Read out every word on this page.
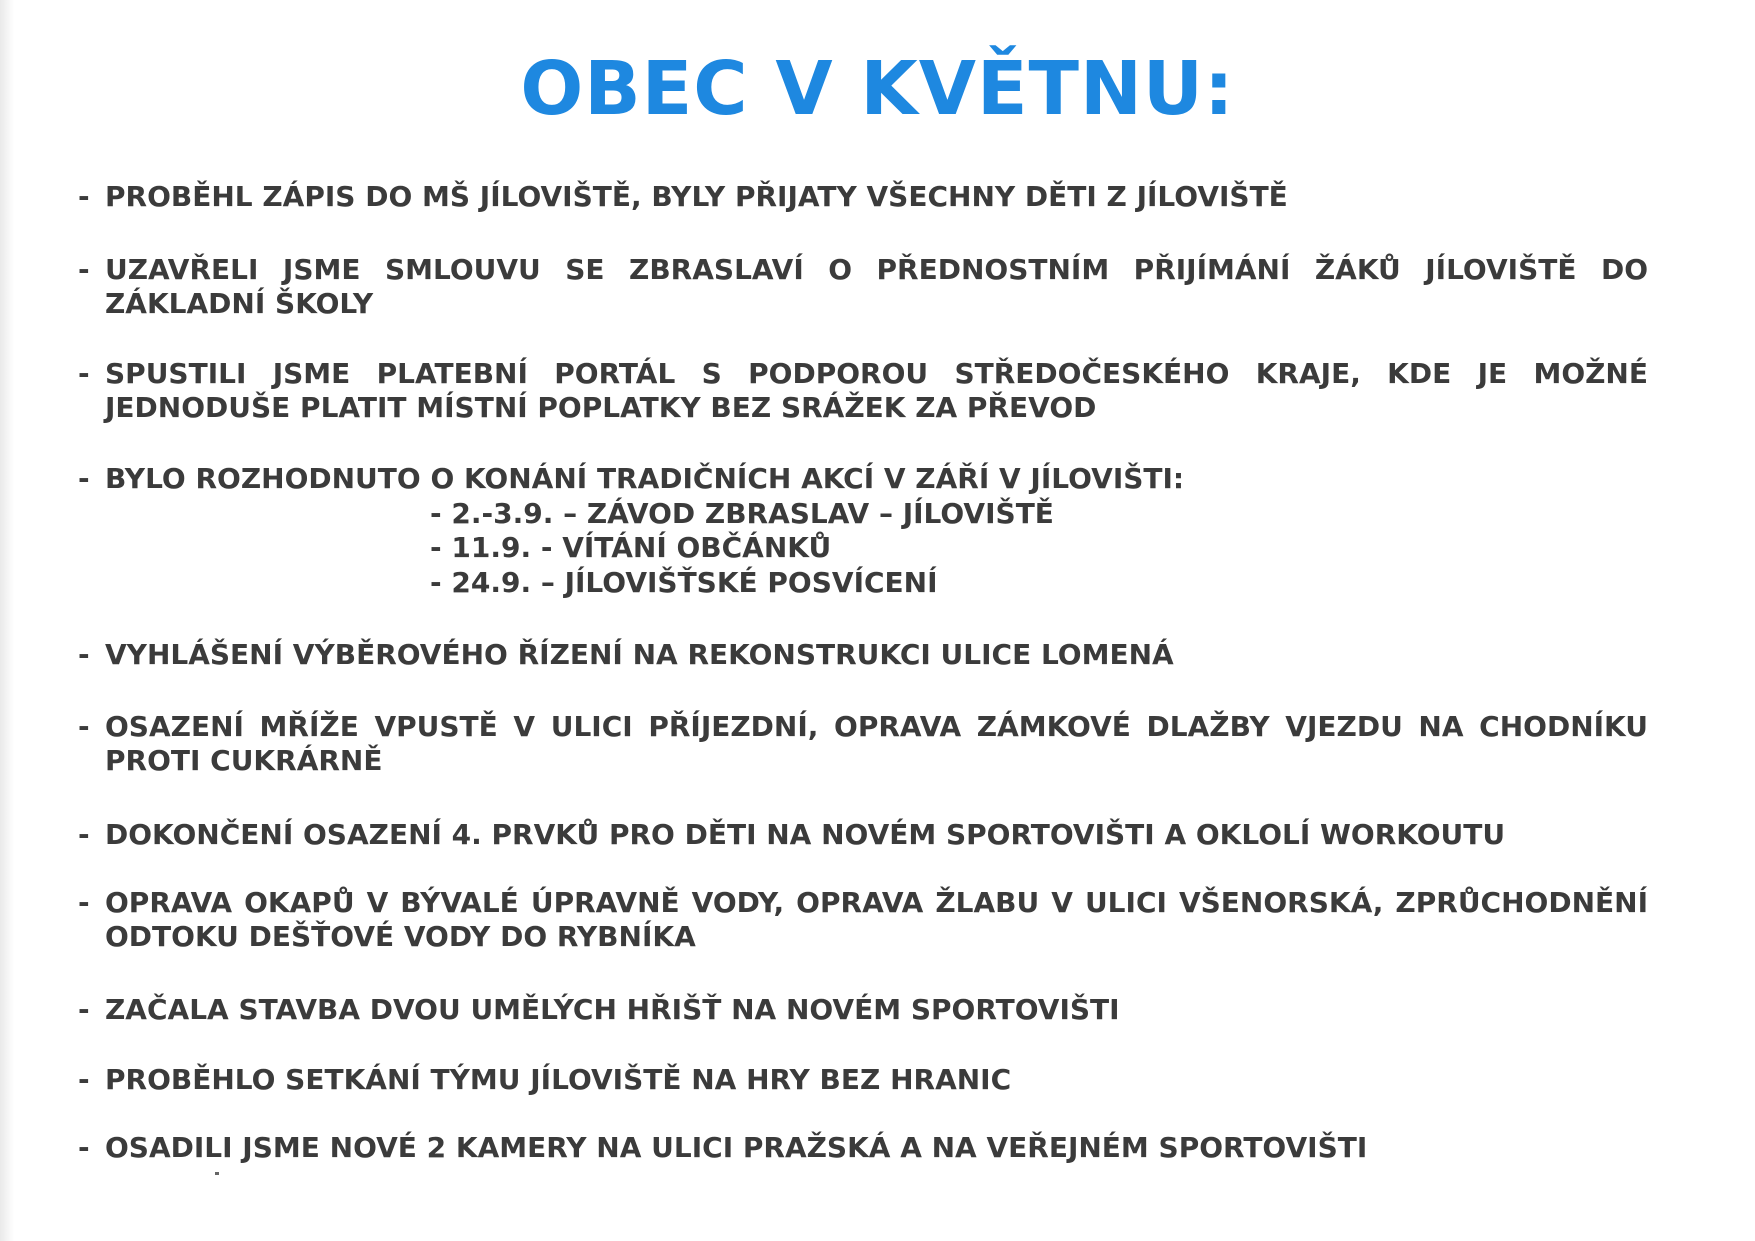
OBEC V KVĚTNU:
- PROBĚHL ZÁPIS DO MŠ JÍLOVIŠTĚ, BYLY PŘIJATY VŠECHNY DĚTI Z JÍLOVIŠTĚ
- UZAVŘELI JSME SMLOUVU SE ZBRASLAVÍ O PŘEDNOSTNÍM PŘIJÍMÁNÍ ŽÁKŮ JÍLOVIŠTĚ DO ZÁKLADNÍ ŠKOLY
- SPUSTILI JSME PLATEBNÍ PORTÁL S PODPOROU STŘEDOČESKÉHO KRAJE, KDE JE MOŽNÉ JEDNODUŠE PLATIT MÍSTNÍ POPLATKY BEZ SRÁŽEK ZA PŘEVOD
- BYLO ROZHODNUTO O KONÁNÍ TRADIČNÍCH AKCÍ V ZÁŘÍ V JÍLOVIŠTI:
- 2.-3.9. – ZÁVOD ZBRASLAV – JÍLOVIŠTĚ
- 11.9. - VÍTÁNÍ OBČÁNKŮ
- 24.9. – JÍLOVIŠŤSKÉ POSVÍCENÍ
- VYHLÁŠENÍ VÝBĚROVÉHO ŘÍZENÍ NA REKONSTRUKCI ULICE LOMENÁ
- OSAZENÍ MŘÍŽE VPUSTĚ V ULICI PŘÍJEZDNÍ, OPRAVA ZÁMKOVÉ DLAŽBY VJEZDU NA CHODNÍKU PROTI CUKRÁRNĚ
- DOKONČENÍ OSAZENÍ 4. PRVKŮ PRO DĚTI NA NOVÉM SPORTOVIŠTI A OKLOLÍ WORKOUTU
- OPRAVA OKAPŮ V BÝVALÉ ÚPRAVNĚ VODY, OPRAVA ŽLABU V ULICI VŠENORSKÁ, ZPRŮCHODNĚNÍ ODTOKU DEŠŤOVÉ VODY DO RYBNÍKA
- ZAČALA STAVBA DVOU UMĚLÝCH HŘIŠŤ NA NOVÉM SPORTOVIŠTI
- PROBĚHLO SETKÁNÍ TÝMU JÍLOVIŠTĚ NA HRY BEZ HRANIC
- OSADILI JSME NOVÉ 2 KAMERY NA ULICI PRAŽSKÁ A NA VEŘEJNÉM SPORTOVIŠTI
